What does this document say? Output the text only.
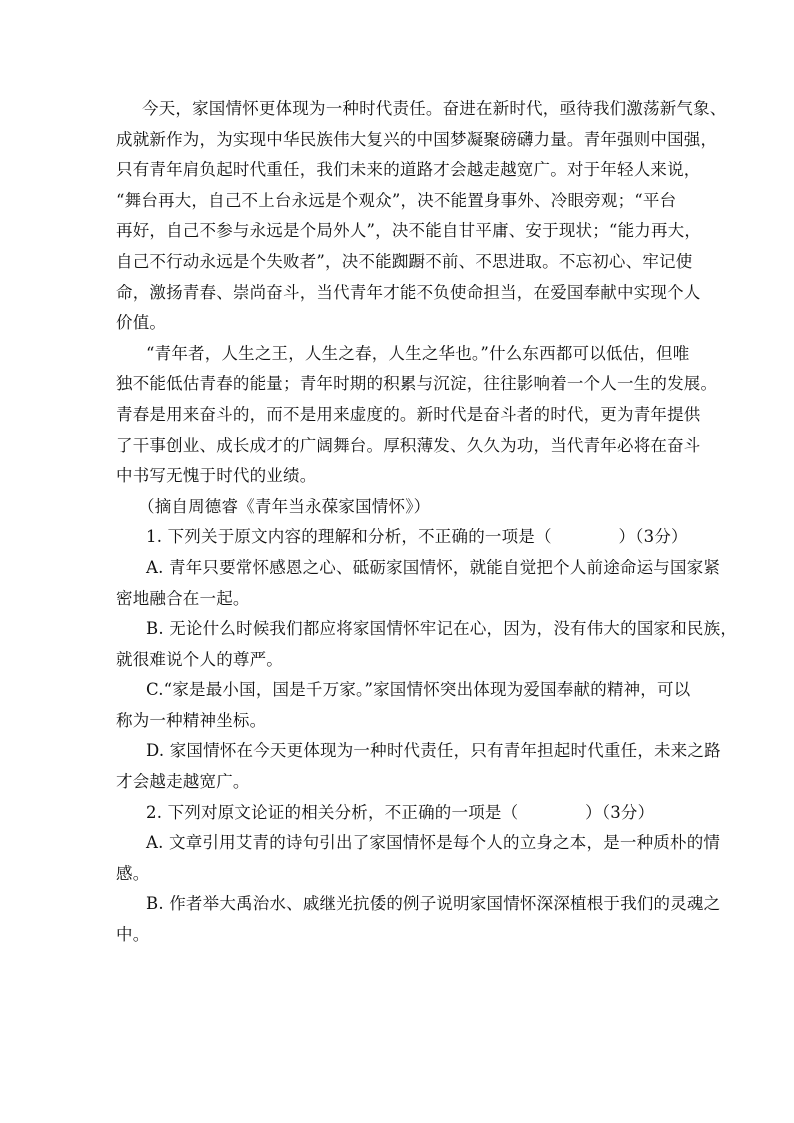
今天，家国情怀更体现为一种时代责任。奋进在新时代，亟待我们激荡新气象、
成就新作为，为实现中华民族伟大复兴的中国梦凝聚磅礴力量。青年强则中国强，
只有青年肩负起时代重任，我们未来的道路才会越走越宽广。对于年轻人来说，
“舞台再大，自己不上台永远是个观众”，决不能置身事外、冷眼旁观；“平台
再好，自己不参与永远是个局外人”，决不能自甘平庸、安于现状；“能力再大，
自己不行动永远是个失败者”，决不能踟蹰不前、不思进取。不忘初心、牢记使
命，激扬青春、崇尚奋斗，当代青年才能不负使命担当，在爱国奉献中实现个人
价值。
“青年者，人生之王，人生之春，人生之华也。”什么东西都可以低估，但唯
独不能低估青春的能量；青年时期的积累与沉淀，往往影响着一个人一生的发展。
青春是用来奋斗的，而不是用来虚度的。新时代是奋斗者的时代，更为青年提供
了干事创业、成长成才的广阔舞台。厚积薄发、久久为功，当代青年必将在奋斗
中书写无愧于时代的业绩。
（摘自周德睿《青年当永葆家国情怀》）
1. 下列关于原文内容的理解和分析，不正确的一项是（　　　　）（3分）
A. 青年只要常怀感恩之心、砥砺家国情怀，就能自觉把个人前途命运与国家紧
密地融合在一起。
B. 无论什么时候我们都应将家国情怀牢记在心，因为，没有伟大的国家和民族，
就很难说个人的尊严。
C.“家是最小国，国是千万家。”家国情怀突出体现为爱国奉献的精神，可以
称为一种精神坐标。
D. 家国情怀在今天更体现为一种时代责任，只有青年担起时代重任，未来之路
才会越走越宽广。
2. 下列对原文论证的相关分析，不正确的一项是（　　　　）（3分）
A. 文章引用艾青的诗句引出了家国情怀是每个人的立身之本，是一种质朴的情
感。
B. 作者举大禹治水、戚继光抗倭的例子说明家国情怀深深植根于我们的灵魂之
中。
